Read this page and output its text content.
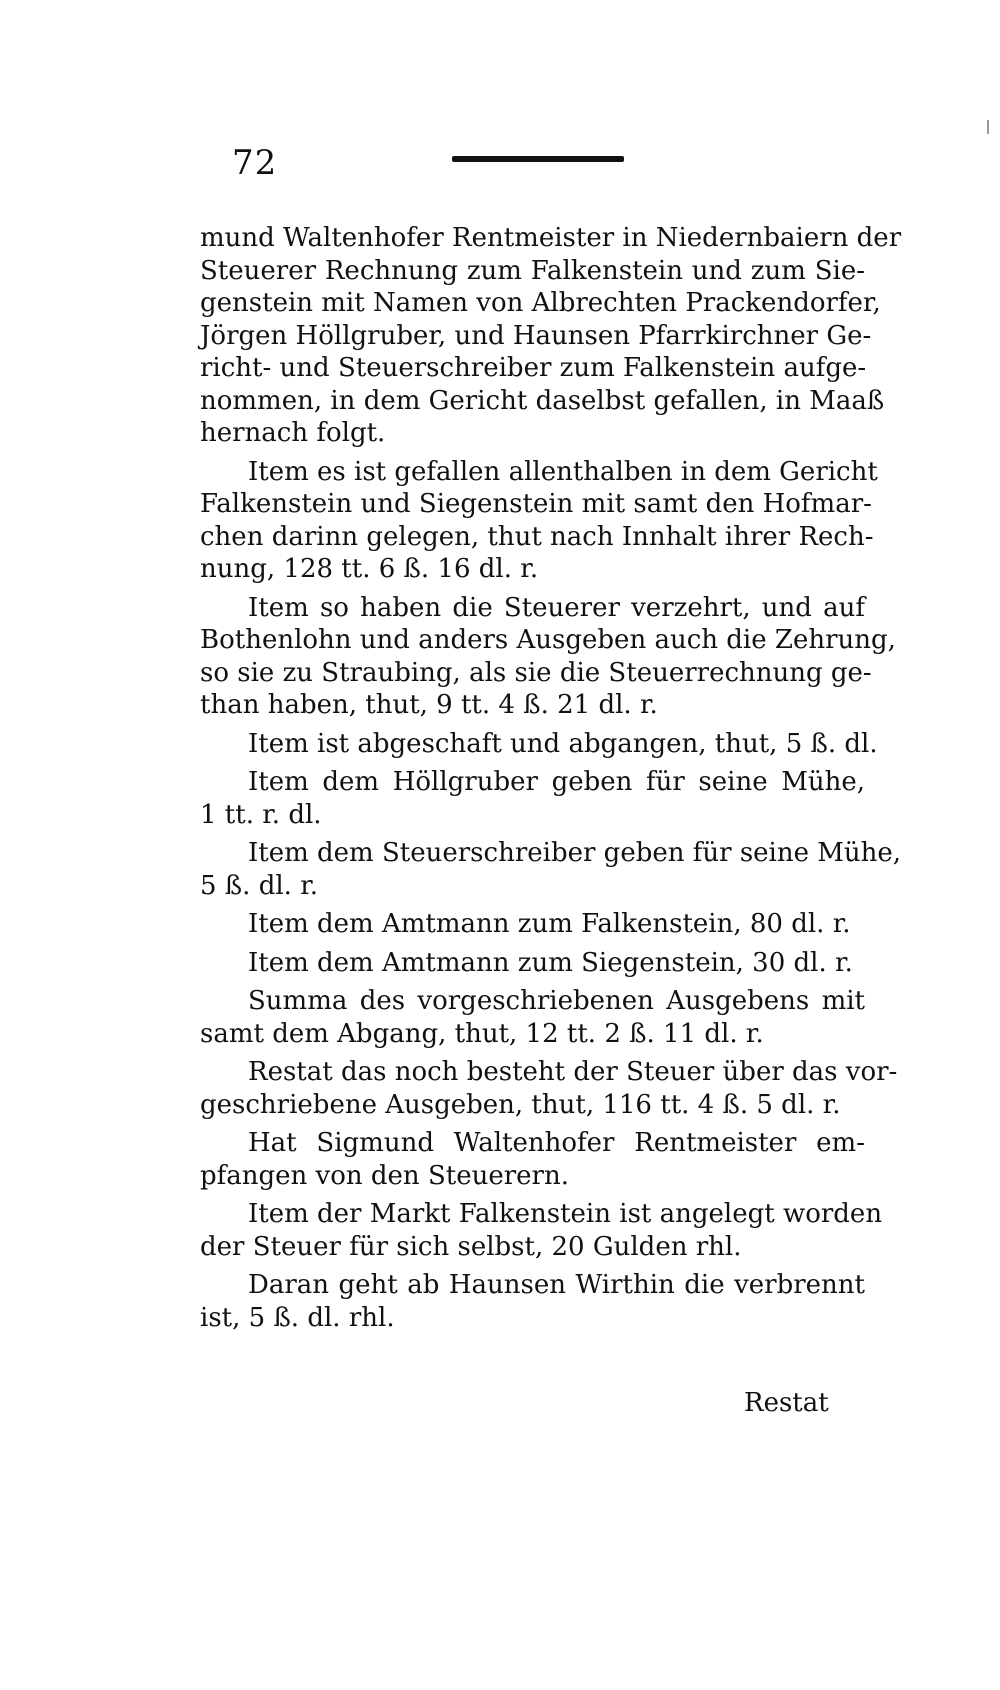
72
mund Waltenhofer Rentmeister in Niedernbaiern der
Steuerer Rechnung zum Falkenstein und zum Sie-
genstein mit Namen von Albrechten Prackendorfer,
Jörgen Höllgruber, und Haunsen Pfarrkirchner Ge-
richt- und Steuerschreiber zum Falkenstein aufge-
nommen, in dem Gericht daselbst gefallen, in Maaß
hernach folgt.
Item es ist gefallen allenthalben in dem Gericht
Falkenstein und Siegenstein mit samt den Hofmar-
chen darinn gelegen, thut nach Innhalt ihrer Rech-
nung, 128 tt. 6 ß. 16 dl. r.
Item so haben die Steuerer verzehrt, und auf
Bothenlohn und anders Ausgeben auch die Zehrung,
so sie zu Straubing, als sie die Steuerrechnung ge-
than haben, thut, 9 tt. 4 ß. 21 dl. r.
Item ist abgeschaft und abgangen, thut, 5 ß. dl.
Item dem Höllgruber geben für seine Mühe,
1 tt. r. dl.
Item dem Steuerschreiber geben für seine Mühe,
5 ß. dl. r.
Item dem Amtmann zum Falkenstein, 80 dl. r.
Item dem Amtmann zum Siegenstein, 30 dl. r.
Summa des vorgeschriebenen Ausgebens mit
samt dem Abgang, thut, 12 tt. 2 ß. 11 dl. r.
Restat das noch besteht der Steuer über das vor-
geschriebene Ausgeben, thut, 116 tt. 4 ß. 5 dl. r.
Hat Sigmund Waltenhofer Rentmeister em-
pfangen von den Steuerern.
Item der Markt Falkenstein ist angelegt worden
der Steuer für sich selbst, 20 Gulden rhl.
Daran geht ab Haunsen Wirthin die verbrennt
ist, 5 ß. dl. rhl.
Restat
